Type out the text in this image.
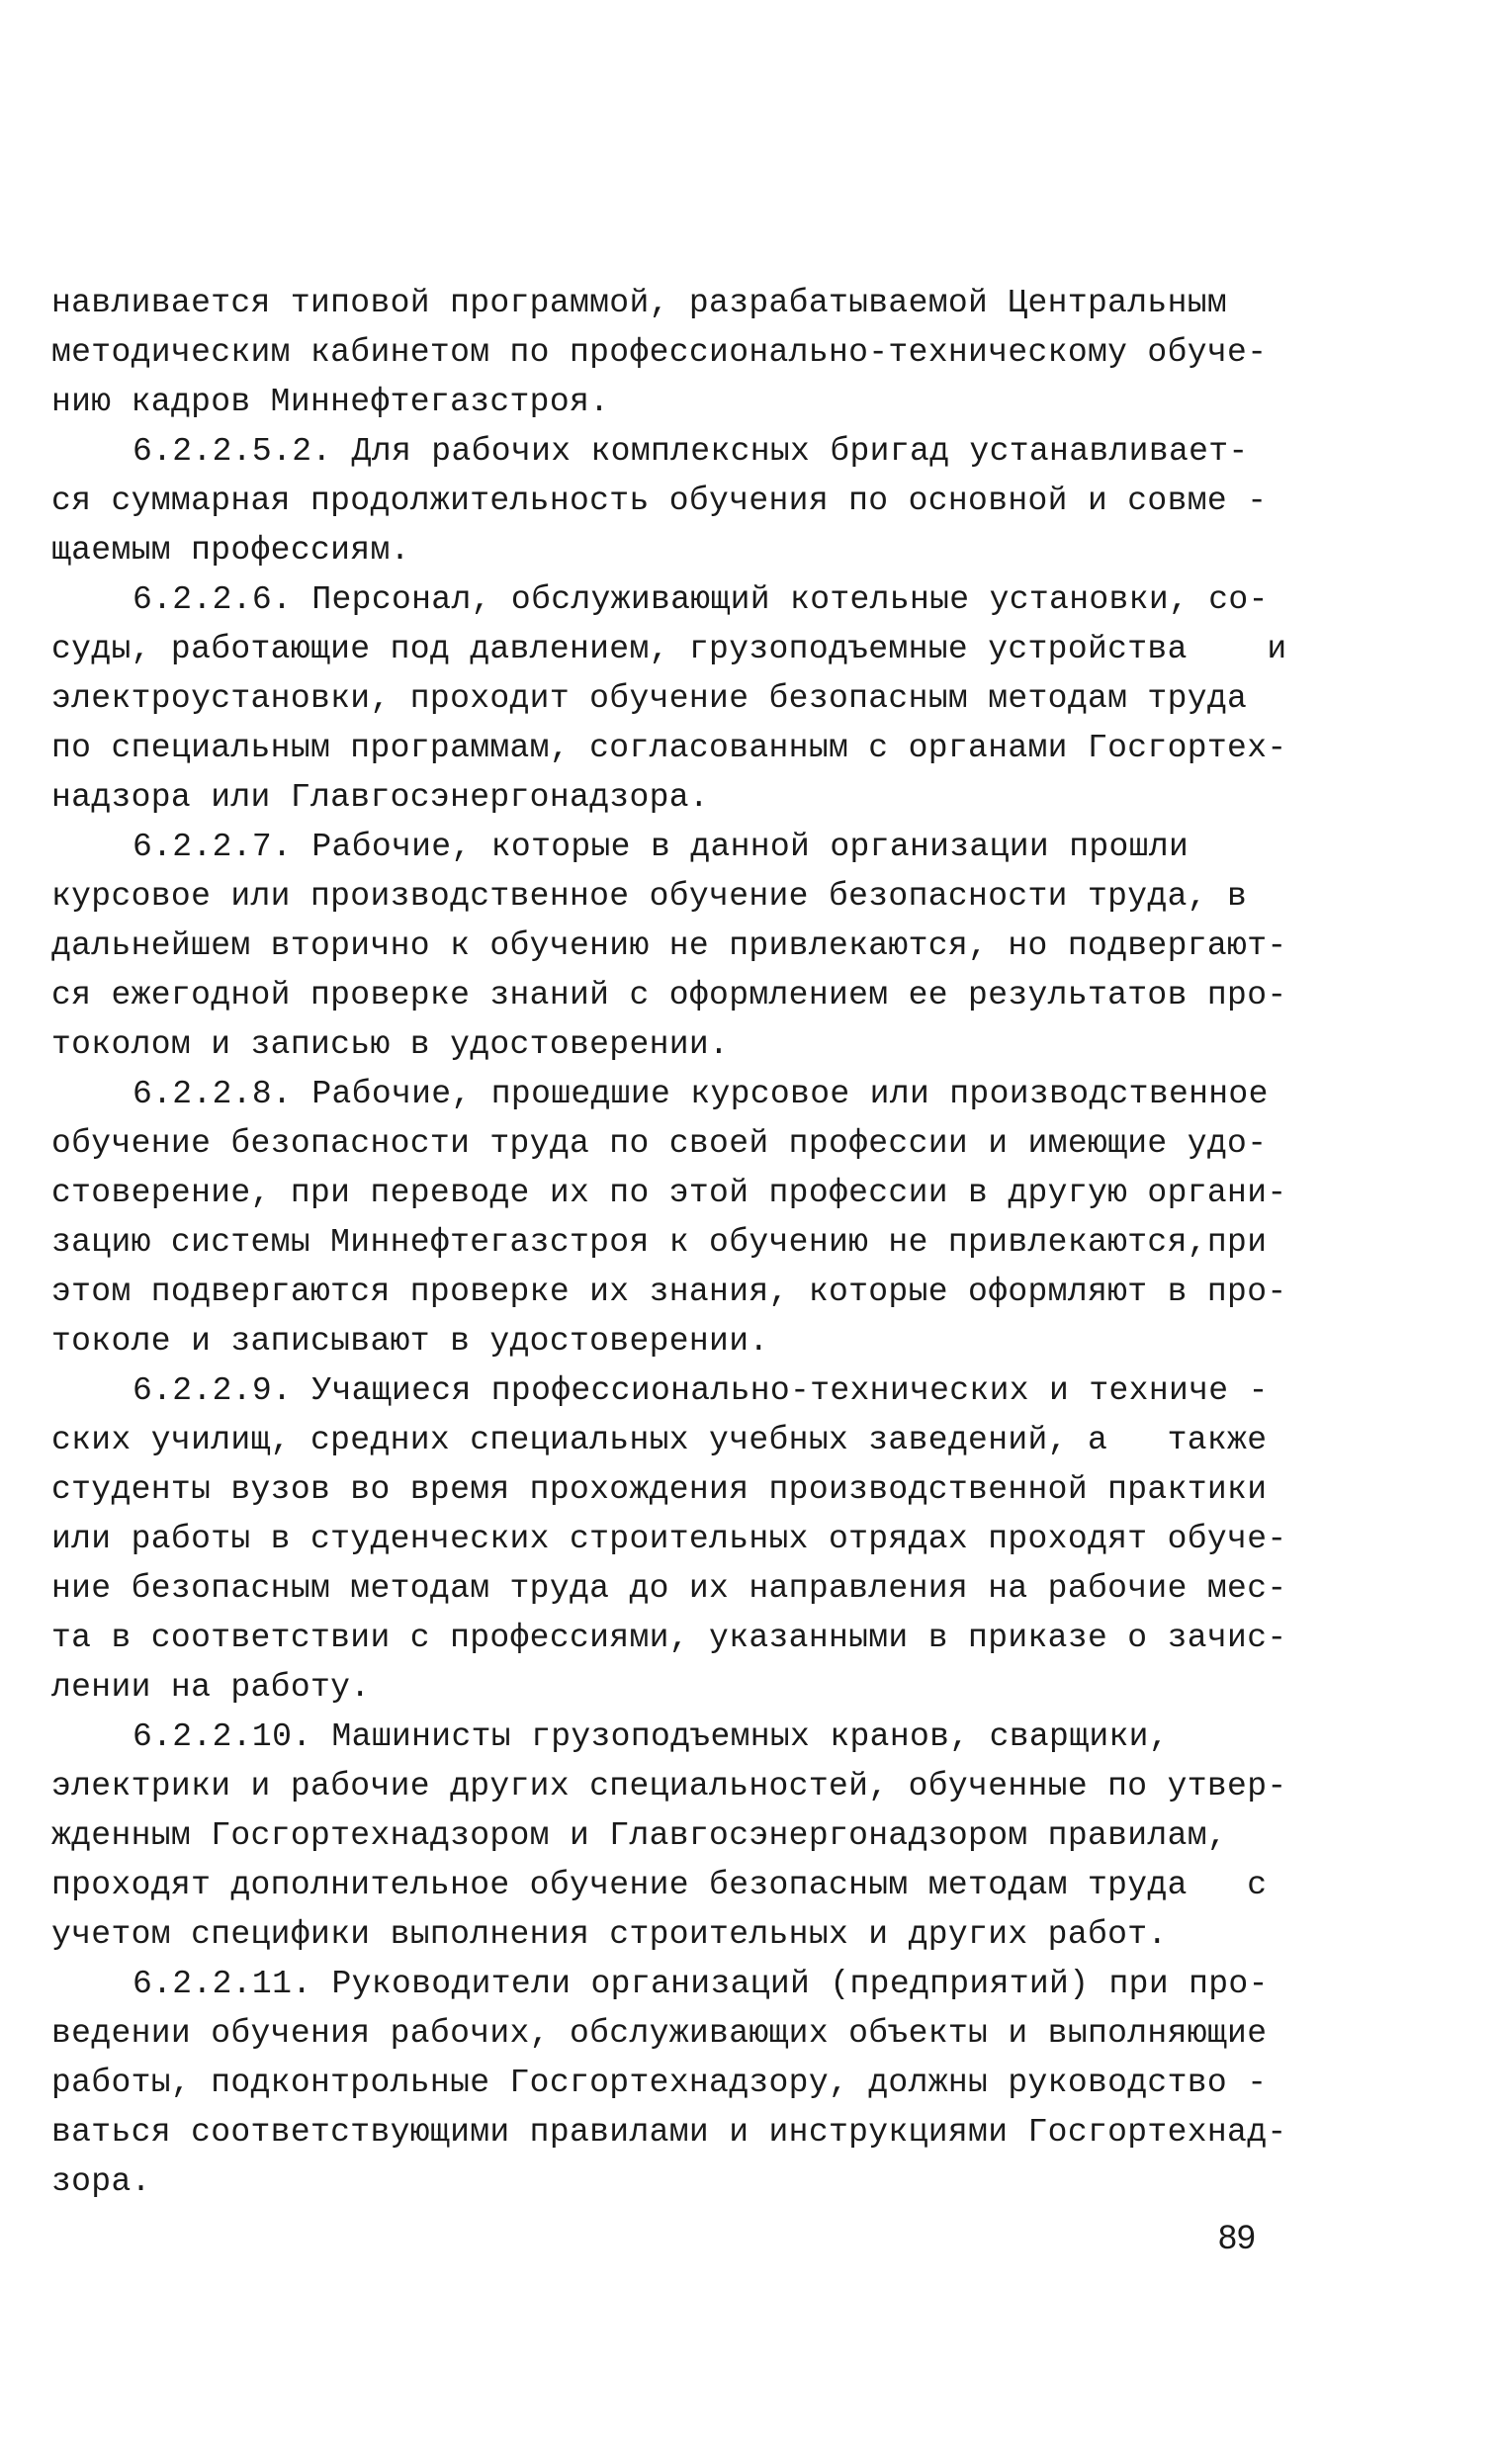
навливается типовой программой, разрабатываемой Центральным
методическим кабинетом по профессионально-техническому обуче-
нию кадров Миннефтегазстроя.
6.2.2.5.2. Для рабочих комплексных бригад устанавливает-
ся суммарная продолжительность обучения по основной и совме -
щаемым профессиям.
6.2.2.6. Персонал, обслуживающий котельные установки, со-
суды, работающие под давлением, грузоподъемные устройства    и
электроустановки, проходит обучение безопасным методам труда
по специальным программам, согласованным с органами Госгортех-
надзора или Главгосэнергонадзора.
6.2.2.7. Рабочие, которые в данной организации прошли
курсовое или производственное обучение безопасности труда, в
дальнейшем вторично к обучению не привлекаются, но подвергают-
ся ежегодной проверке знаний с оформлением ее результатов про-
токолом и записью в удостоверении.
6.2.2.8. Рабочие, прошедшие курсовое или производственное
обучение безопасности труда по своей профессии и имеющие удо-
стоверение, при переводе их по этой профессии в другую органи-
зацию системы Миннефтегазстроя к обучению не привлекаются,при
этом подвергаются проверке их знания, которые оформляют в про-
токоле и записывают в удостоверении.
6.2.2.9. Учащиеся профессионально-технических и техниче -
ских училищ, средних специальных учебных заведений, а   также
студенты вузов во время прохождения производственной практики
или работы в студенческих строительных отрядах проходят обуче-
ние безопасным методам труда до их направления на рабочие мес-
та в соответствии с профессиями, указанными в приказе о зачис-
лении на работу.
6.2.2.10. Машинисты грузоподъемных кранов, сварщики,
электрики и рабочие других специальностей, обученные по утвер-
жденным Госгортехнадзором и Главгосэнергонадзором правилам,
проходят дополнительное обучение безопасным методам труда   с
учетом специфики выполнения строительных и других работ.
6.2.2.11. Руководители организаций (предприятий) при про-
ведении обучения рабочих, обслуживающих объекты и выполняющие
работы, подконтрольные Госгортехнадзору, должны руководство -
ваться соответствующими правилами и инструкциями Госгортехнад-
зора.
89
